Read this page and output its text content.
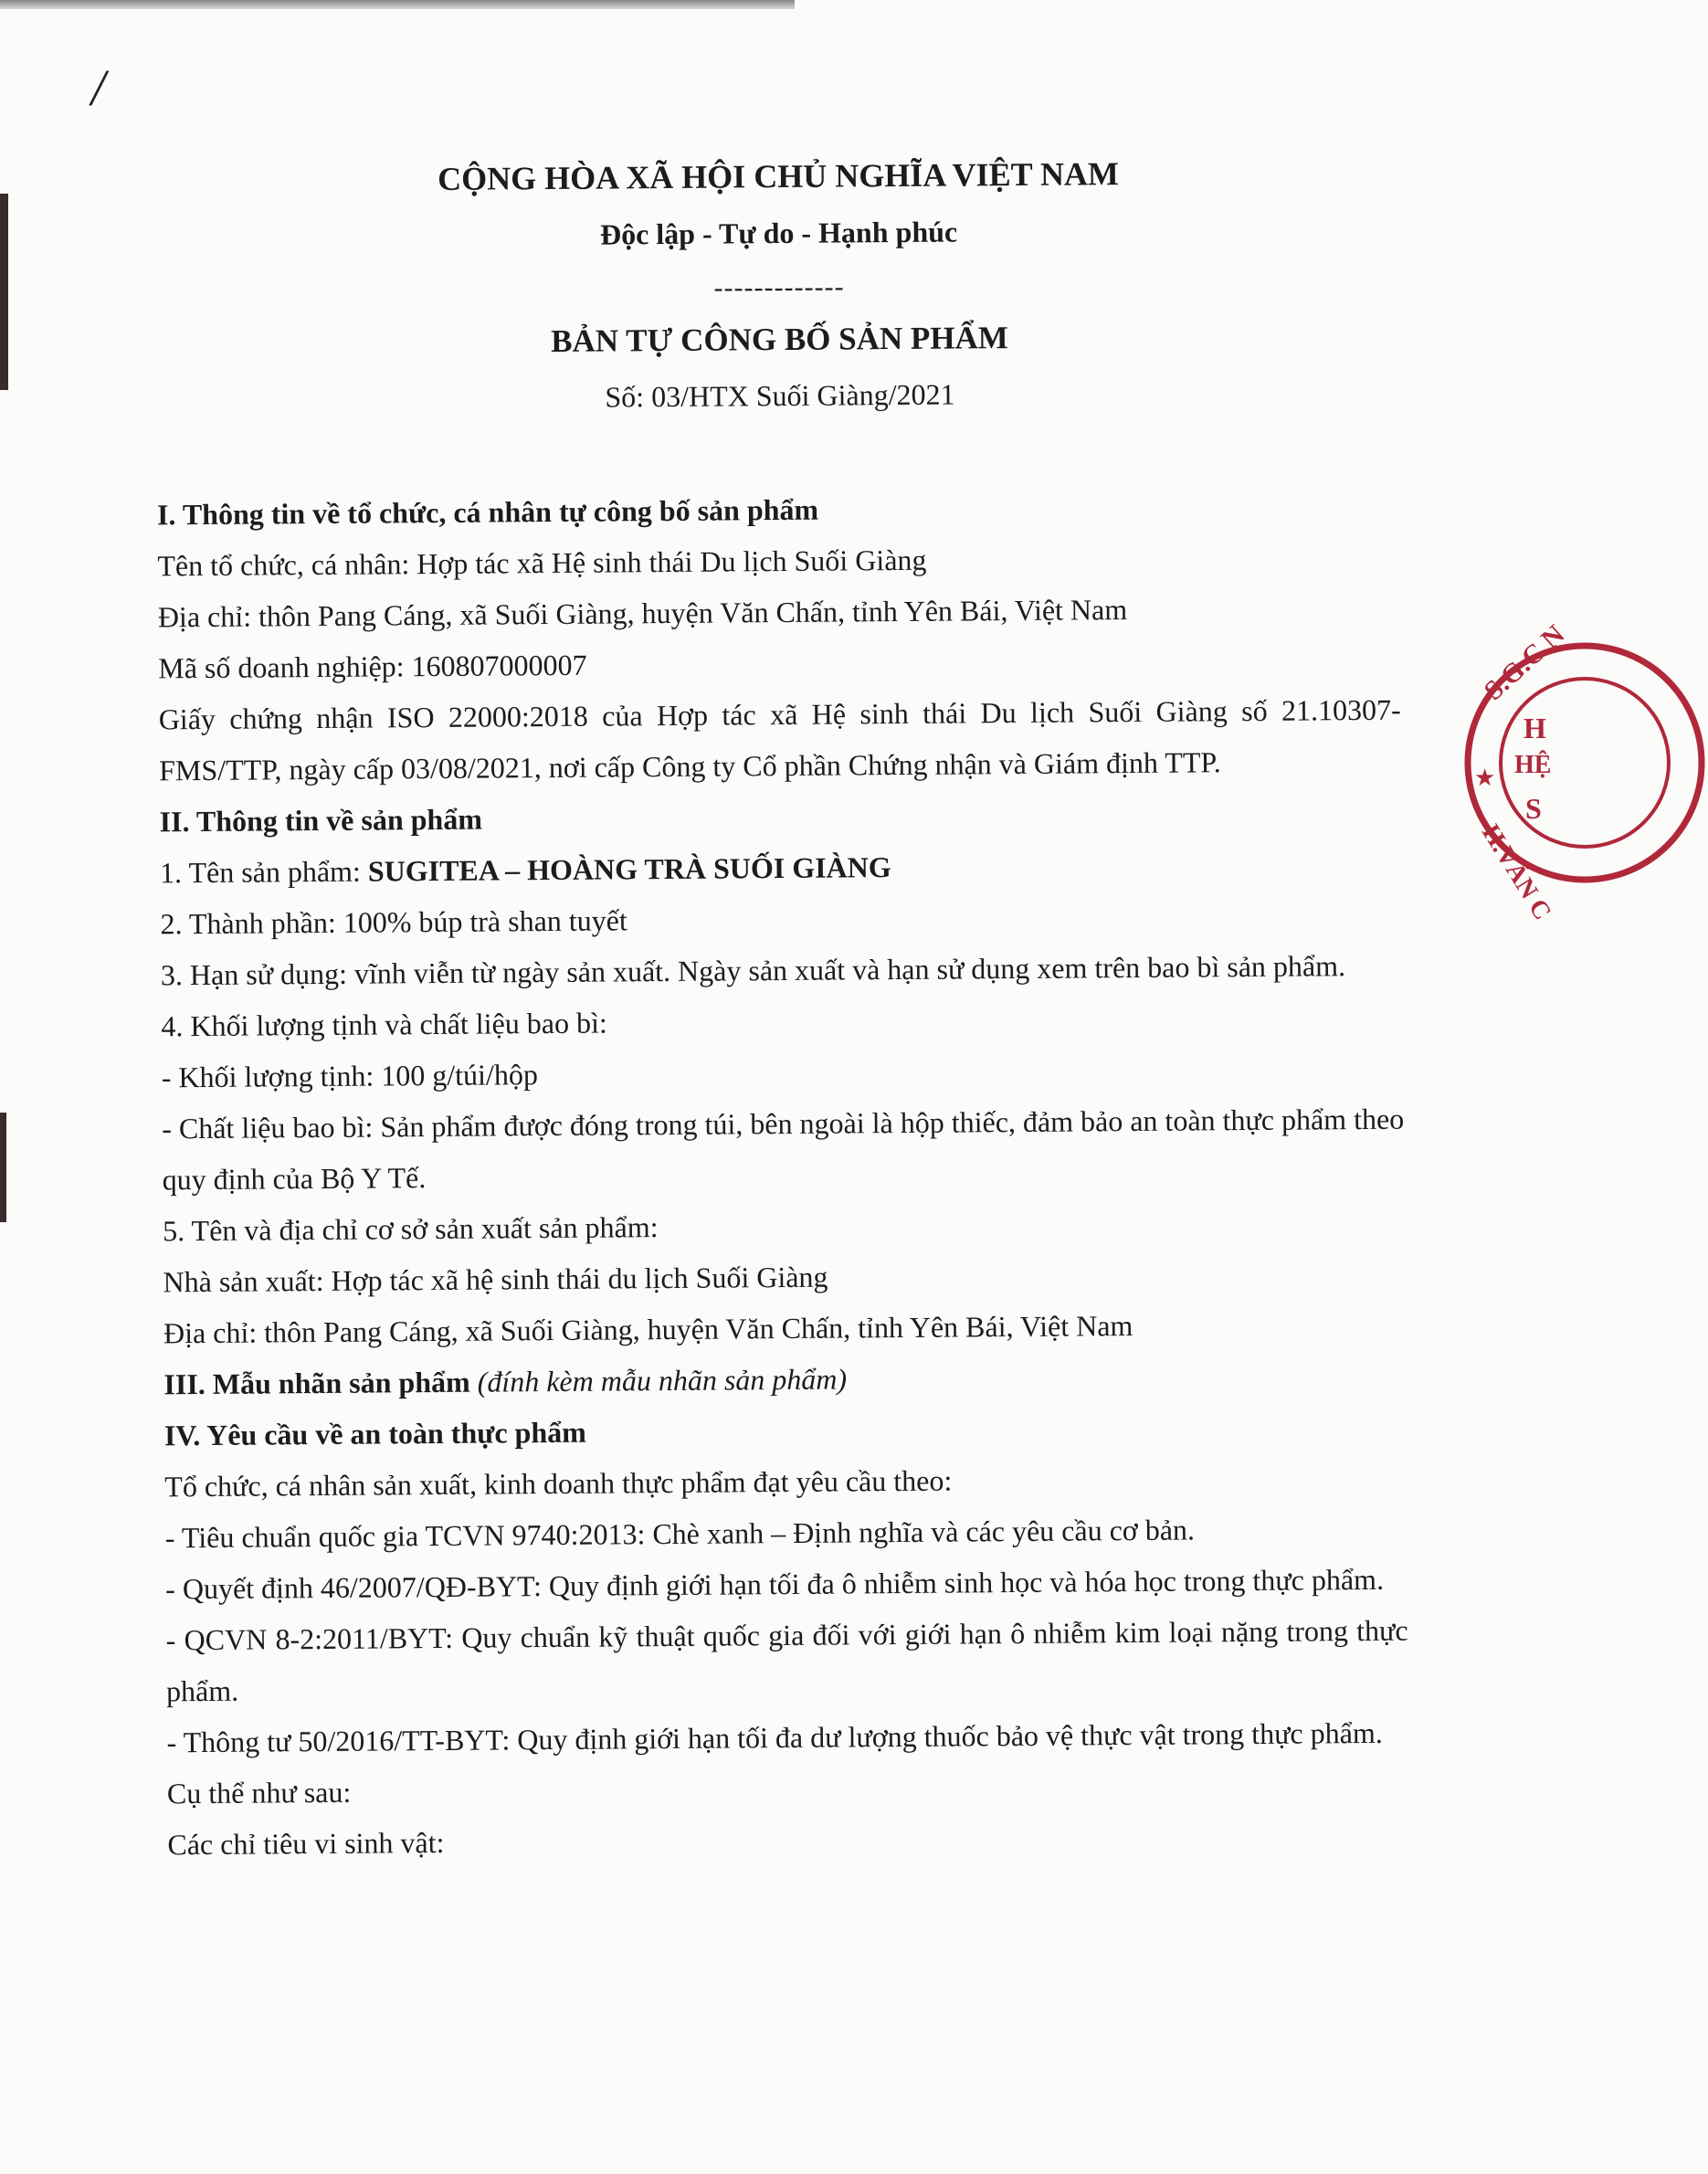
/
CỘNG HÒA XÃ HỘI CHỦ NGHĨA VIỆT NAM
Độc lập - Tự do - Hạnh phúc
-------------
BẢN TỰ CÔNG BỐ SẢN PHẨM
Số: 03/HTX Suối Giàng/2021
I. Thông tin về tổ chức, cá nhân tự công bố sản phẩm
Tên tổ chức, cá nhân: Hợp tác xã Hệ sinh thái Du lịch Suối Giàng
Địa chỉ: thôn Pang Cáng, xã Suối Giàng, huyện Văn Chấn, tỉnh Yên Bái, Việt Nam
Mã số doanh nghiệp: 160807000007
Giấy chứng nhận ISO 22000:2018 của Hợp tác xã Hệ sinh thái Du lịch Suối Giàng số 21.10307-FMS/TTP, ngày cấp 03/08/2021, nơi cấp Công ty Cổ phần Chứng nhận và Giám định TTP.
II. Thông tin về sản phẩm
1. Tên sản phẩm: SUGITEA – HOÀNG TRÀ SUỐI GIÀNG
2. Thành phần: 100% búp trà shan tuyết
3. Hạn sử dụng: vĩnh viễn từ ngày sản xuất. Ngày sản xuất và hạn sử dụng xem trên bao bì sản phẩm.
4. Khối lượng tịnh và chất liệu bao bì:
- Khối lượng tịnh: 100 g/túi/hộp
- Chất liệu bao bì: Sản phẩm được đóng trong túi, bên ngoài là hộp thiếc, đảm bảo an toàn thực phẩm theo quy định của Bộ Y Tế.
5. Tên và địa chỉ cơ sở sản xuất sản phẩm:
Nhà sản xuất: Hợp tác xã hệ sinh thái du lịch Suối Giàng
Địa chỉ: thôn Pang Cáng, xã Suối Giàng, huyện Văn Chấn, tỉnh Yên Bái, Việt Nam
III. Mẫu nhãn sản phẩm (đính kèm mẫu nhãn sản phẩm)
IV. Yêu cầu về an toàn thực phẩm
Tổ chức, cá nhân sản xuất, kinh doanh thực phẩm đạt yêu cầu theo:
- Tiêu chuẩn quốc gia TCVN 9740:2013: Chè xanh – Định nghĩa và các yêu cầu cơ bản.
- Quyết định 46/2007/QĐ-BYT: Quy định giới hạn tối đa ô nhiễm sinh học và hóa học trong thực phẩm.
- QCVN 8-2:2011/BYT: Quy chuẩn kỹ thuật quốc gia đối với giới hạn ô nhiễm kim loại nặng trong thực phẩm.
- Thông tư 50/2016/TT-BYT: Quy định giới hạn tối đa dư lượng thuốc bảo vệ thực vật trong thực phẩm.
Cụ thể như sau:
Các chỉ tiêu vi sinh vật:
S.G.C.N
H
HỆ
S
★
H.VĂN C
